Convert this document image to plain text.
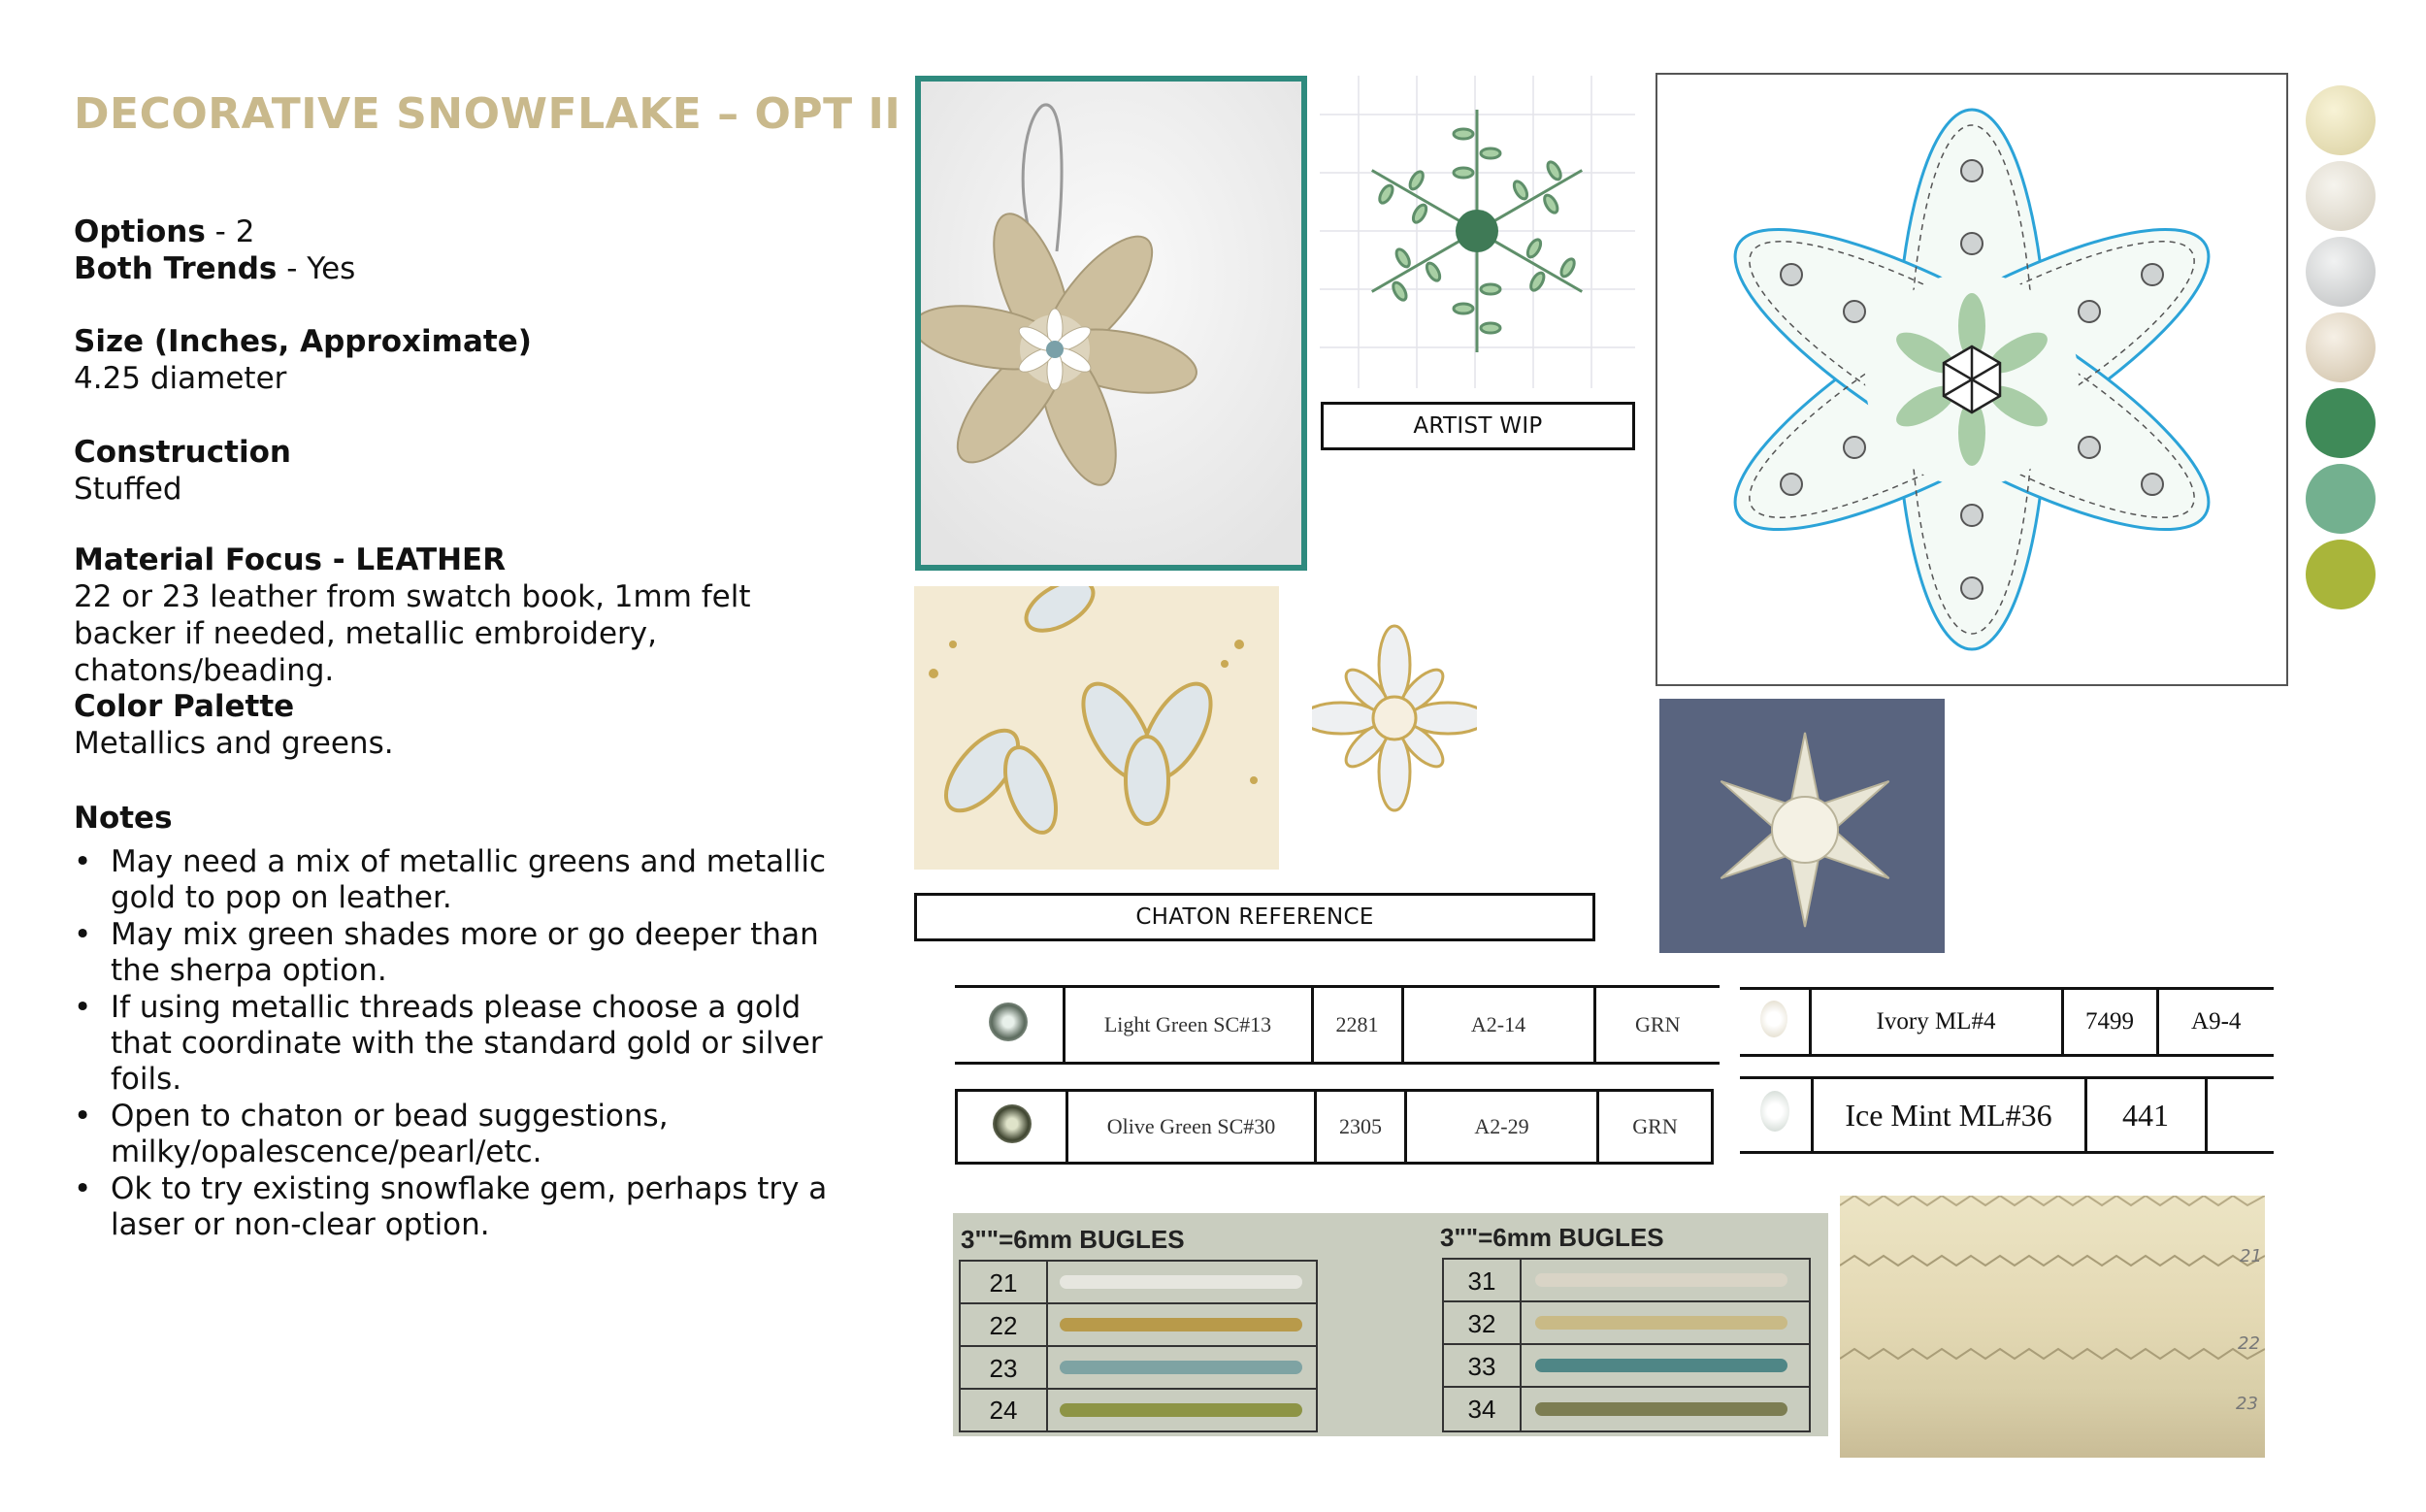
DECORATIVE SNOWFLAKE – OPT II
Options - 2
Both Trends - Yes
Size (Inches, Approximate)
4.25 diameter
Construction
Stuffed
Material Focus - LEATHER
22 or 23 leather from swatch book, 1mm felt backer if needed, metallic embroidery, chatons/beading.
Color Palette
Metallics and greens.
Notes
• May need a mix of metallic greens and metallic gold to pop on leather.
• May mix green shades more or go deeper than the sherpa option.
• If using metallic threads please choose a gold that coordinate with the standard gold or silver foils.
• Open to chaton or bead suggestions, milky/opalescence/pearl/etc.
• Ok to try existing snowflake gem, perhaps try a laser or non-clear option.
ARTIST WIP
CHATON REFERENCE
	Light Green SC#13	2281	A2-14	GRN
	Olive Green SC#30	2305	A2-29	GRN
	Ivory ML#4	7499	A9-4
	Ice Mint ML#36	441	
3""=6mm BUGLES	3""=6mm BUGLES
21
22
23
24
31
32
33
34
21
22
23
